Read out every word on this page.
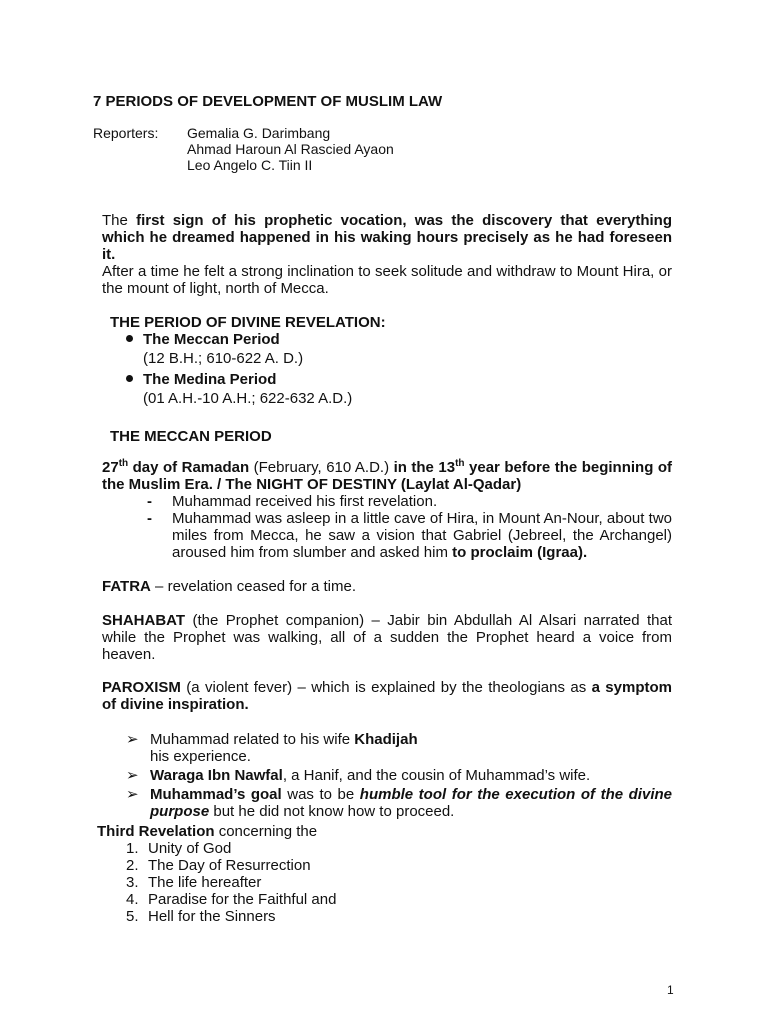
7 PERIODS OF DEVELOPMENT OF MUSLIM LAW
Reporters: Gemalia G. Darimbang
Ahmad Haroun Al Rascied Ayaon
Leo Angelo C. Tiin II
The first sign of his prophetic vocation, was the discovery that everything which he dreamed happened in his waking hours precisely as he had foreseen it.
After a time he felt a strong inclination to seek solitude and withdraw to Mount Hira, or the mount of light, north of Mecca.
THE PERIOD OF DIVINE REVELATION:
The Meccan Period
(12 B.H.; 610-622 A. D.)
The Medina Period
(01 A.H.-10 A.H.; 622-632 A.D.)
THE MECCAN PERIOD
27th day of Ramadan (February, 610 A.D.) in the 13th year before the beginning of the Muslim Era. / The NIGHT OF DESTINY (Laylat Al-Qadar)
- Muhammad received his first revelation.
- Muhammad was asleep in a little cave of Hira, in Mount An-Nour, about two miles from Mecca, he saw a vision that Gabriel (Jebreel, the Archangel) aroused him from slumber and asked him to proclaim (Igraa).
FATRA – revelation ceased for a time.
SHAHABAT (the Prophet companion) – Jabir bin Abdullah Al Alsari narrated that while the Prophet was walking, all of a sudden the Prophet heard a voice from heaven.
PAROXISM (a violent fever) – which is explained by the theologians as a symptom of divine inspiration.
➢ Muhammad related to his wife Khadijah
his experience.
➢ Waraga Ibn Nawfal, a Hanif, and the cousin of Muhammad’s wife.
➢ Muhammad’s goal was to be humble tool for the execution of the divine purpose but he did not know how to proceed.
Third Revelation concerning the
1. Unity of God
2. The Day of Resurrection
3. The life hereafter
4. Paradise for the Faithful and
5. Hell for the Sinners
1
